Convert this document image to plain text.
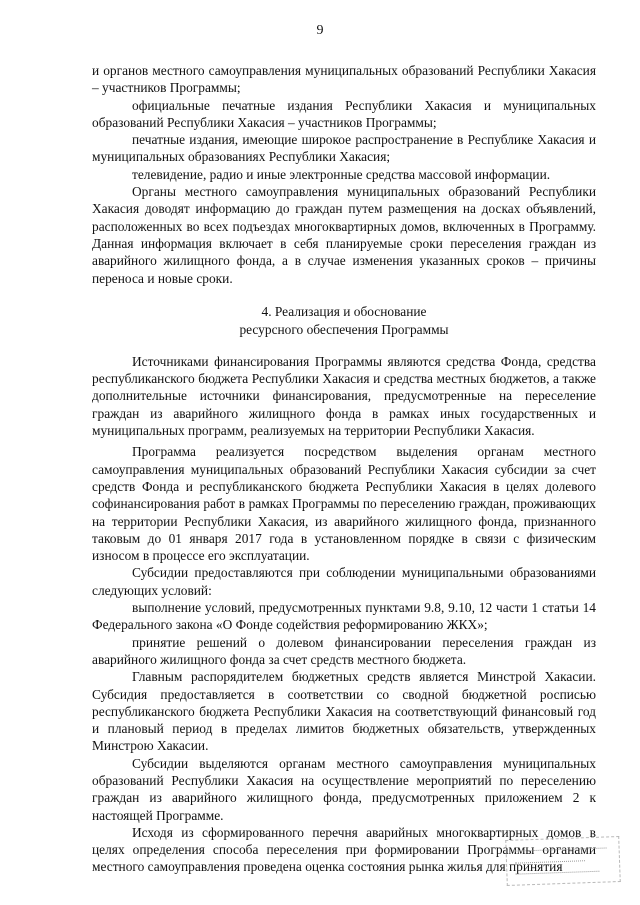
9

и органов местного самоуправления муниципальных образований Республики Хакасия – участников Программы;

официальные печатные издания Республики Хакасия и муниципальных образований Республики Хакасия – участников Программы;

печатные издания, имеющие широкое распространение в Республике Хакасия и муниципальных образованиях Республики Хакасия;

телевидение, радио и иные электронные средства массовой информации.

Органы местного самоуправления муниципальных образований Республики Хакасия доводят информацию до граждан путем размещения на досках объявлений, расположенных во всех подъездах многоквартирных домов, включенных в Программу. Данная информация включает в себя планируемые сроки переселения граждан из аварийного жилищного фонда, а в случае изменения указанных сроков – причины переноса и новые сроки.

4. Реализация и обоснование
ресурсного обеспечения Программы

Источниками финансирования Программы являются средства Фонда, средства республиканского бюджета Республики Хакасия и средства местных бюджетов, а также дополнительные источники финансирования, предусмотренные на переселение граждан из аварийного жилищного фонда в рамках иных государственных и муниципальных программ, реализуемых на территории Республики Хакасия.

Программа реализуется посредством выделения органам местного самоуправления муниципальных образований Республики Хакасия субсидии за счет средств Фонда и республиканского бюджета Республики Хакасия в целях долевого софинансирования работ в рамках Программы по переселению граждан, проживающих на территории Республики Хакасия, из аварийного жилищного фонда, признанного таковым до 01 января 2017 года в установленном порядке в связи с физическим износом в процессе его эксплуатации.

Субсидии предоставляются при соблюдении муниципальными образованиями следующих условий:

выполнение условий, предусмотренных пунктами 9.8, 9.10, 12 части 1 статьи 14 Федерального закона «О Фонде содействия реформированию ЖКХ»;

принятие решений о долевом финансировании переселения граждан из аварийного жилищного фонда за счет средств местного бюджета.

Главным распорядителем бюджетных средств является Минстрой Хакасии. Субсидия предоставляется в соответствии со сводной бюджетной росписью республиканского бюджета Республики Хакасия на соответствующий финансовый год и плановый период в пределах лимитов бюджетных обязательств, утвержденных Минстрою Хакасии.

Субсидии выделяются органам местного самоуправления муниципальных образований Республики Хакасия на осуществление мероприятий по переселению граждан из аварийного жилищного фонда, предусмотренных приложением 2 к настоящей Программе.

Исходя из сформированного перечня аварийных многоквартирных домов в целях определения способа переселения при формировании Программы органами местного самоуправления проведена оценка состояния рынка жилья для принятия
